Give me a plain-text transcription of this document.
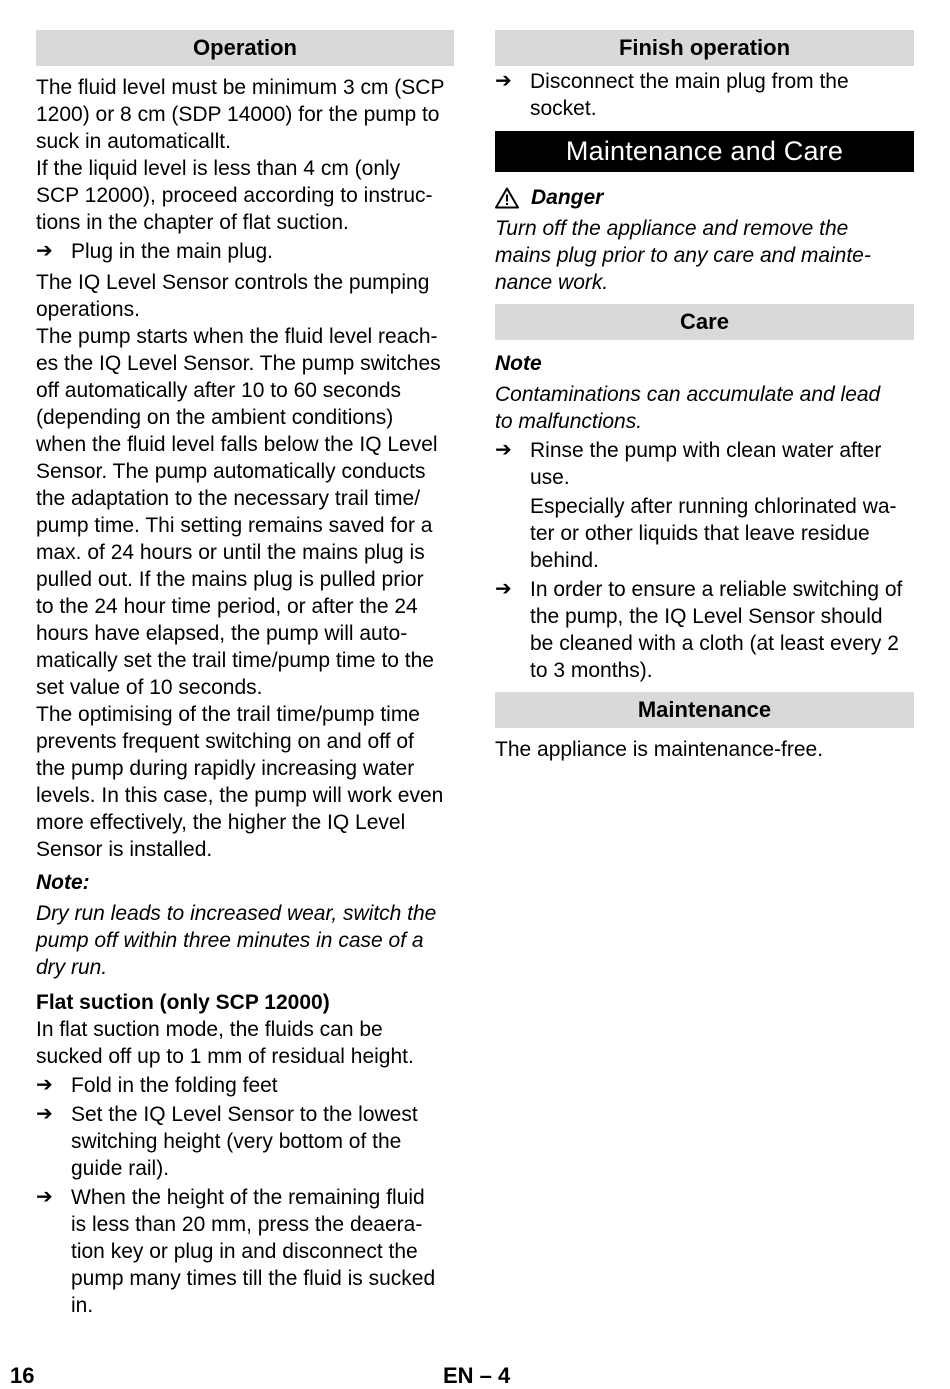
Operation
The fluid level must be minimum 3 cm (SCP
1200) or 8 cm (SDP 14000) for the pump to
suck in automaticallt.
If the liquid level is less than 4 cm (only
SCP 12000), proceed according to instruc-
tions in the chapter of flat suction.
➔ Plug in the main plug.
The IQ Level Sensor controls the pumping
operations.
The pump starts when the fluid level reach-
es the IQ Level Sensor. The pump switches
off automatically after 10 to 60 seconds
(depending on the ambient conditions)
when the fluid level falls below the IQ Level
Sensor. The pump automatically conducts
the adaptation to the necessary trail time/
pump time. Thi setting remains saved for a
max. of 24 hours or until the mains plug is
pulled out. If the mains plug is pulled prior
to the 24 hour time period, or after the 24
hours have elapsed, the pump will auto-
matically set the trail time/pump time to the
set value of 10 seconds.
The optimising of the trail time/pump time
prevents frequent switching on and off of
the pump during rapidly increasing water
levels. In this case, the pump will work even
more effectively, the higher the IQ Level
Sensor is installed.
Note:
Dry run leads to increased wear, switch the
pump off within three minutes in case of a
dry run.
Flat suction (only SCP 12000)
In flat suction mode, the fluids can be
sucked off up to 1 mm of residual height.
➔ Fold in the folding feet
➔ Set the IQ Level Sensor to the lowest
switching height (very bottom of the
guide rail).
➔ When the height of the remaining fluid
is less than 20 mm, press the deaera-
tion key or plug in and disconnect the
pump many times till the fluid is sucked
in.
Finish operation
➔ Disconnect the main plug from the
socket.
Maintenance and Care
Danger
Turn off the appliance and remove the
mains plug prior to any care and mainte-
nance work.
Care
Note
Contaminations can accumulate and lead
to malfunctions.
➔ Rinse the pump with clean water after
use.
Especially after running chlorinated wa-
ter or other liquids that leave residue
behind.
➔ In order to ensure a reliable switching of
the pump, the IQ Level Sensor should
be cleaned with a cloth (at least every 2
to 3 months).
Maintenance
The appliance is maintenance-free.
16	EN – 4
